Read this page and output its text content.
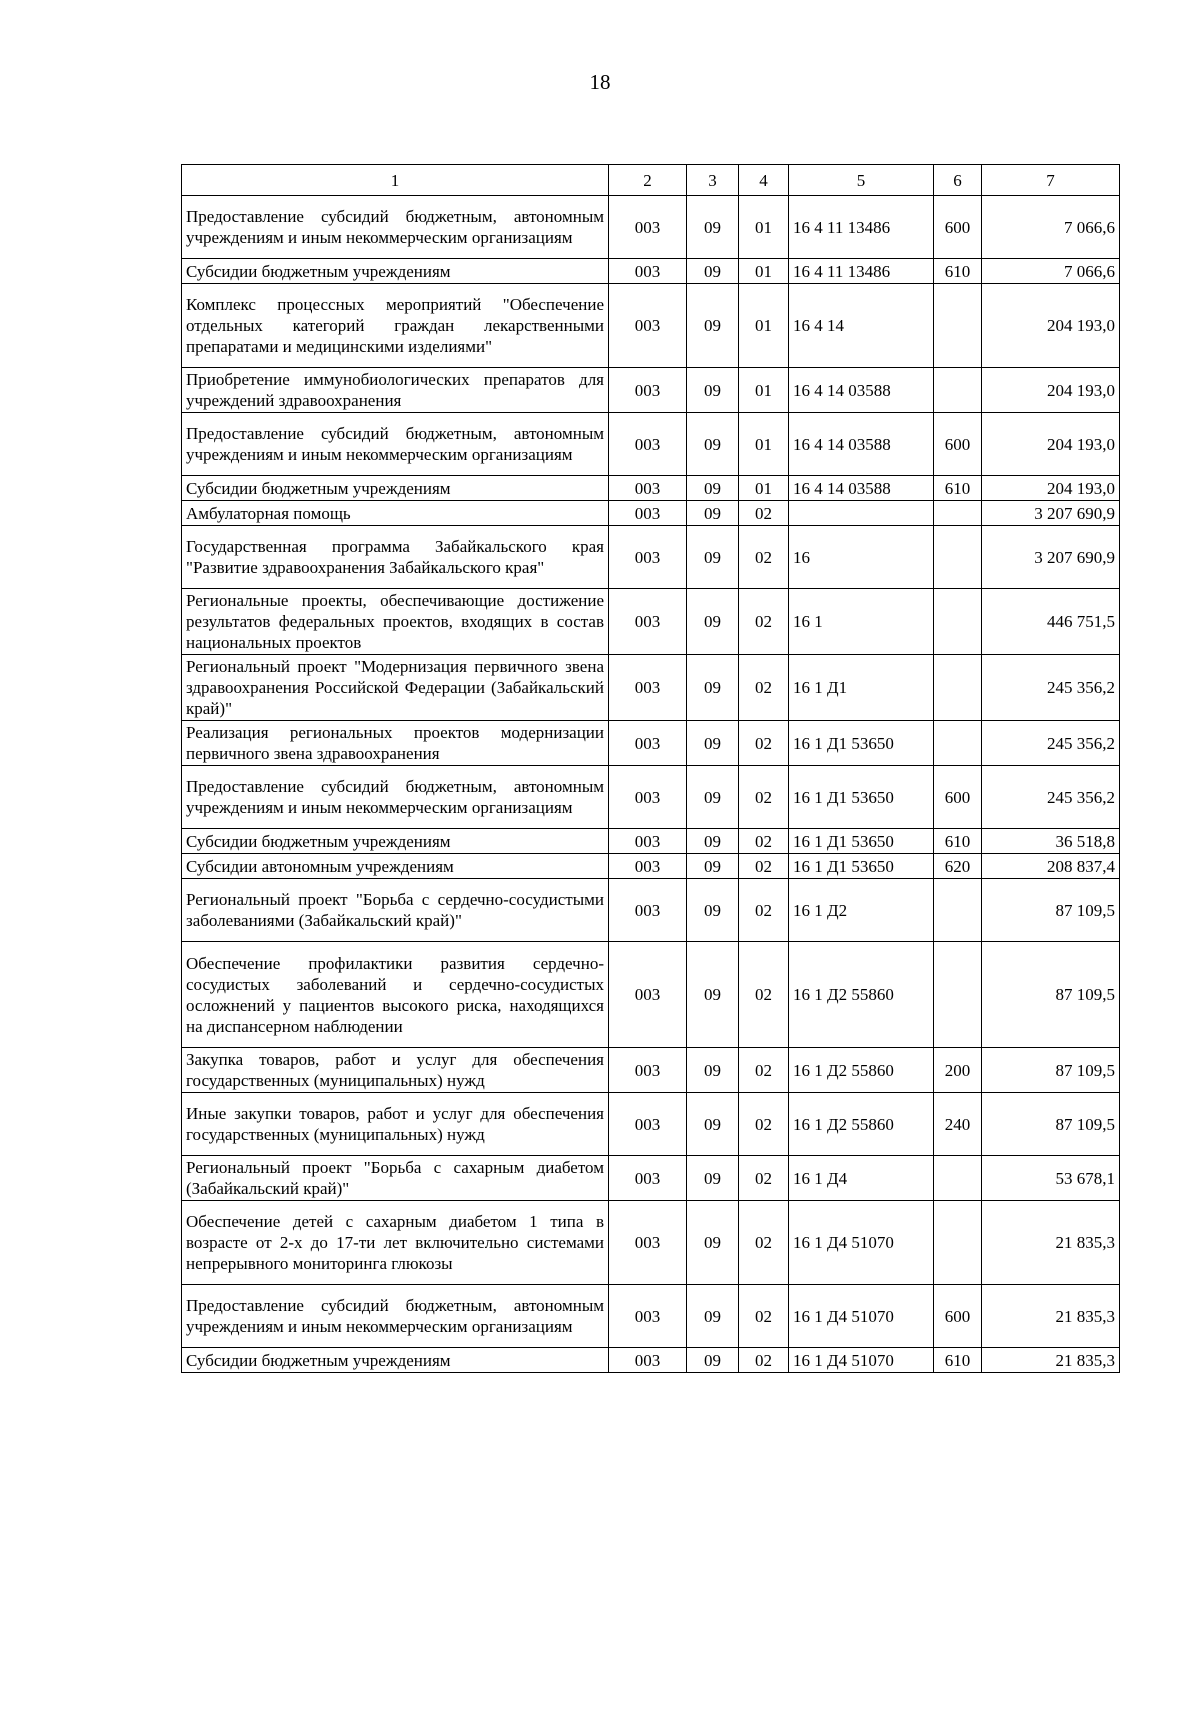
18
1	2	3	4	5	6	7
Предоставление субсидий бюджетным, автономным учреждениям и иным некоммерческим организациям	003	09	01	16 4 11 13486	600	7 066,6
Субсидии бюджетным учреждениям	003	09	01	16 4 11 13486	610	7 066,6
Комплекс процессных мероприятий "Обеспечение отдельных категорий граждан лекарственными препаратами и медицинскими изделиями"	003	09	01	16 4 14		204 193,0
Приобретение иммунобиологических препаратов для учреждений здравоохранения	003	09	01	16 4 14 03588		204 193,0
Предоставление субсидий бюджетным, автономным учреждениям и иным некоммерческим организациям	003	09	01	16 4 14 03588	600	204 193,0
Субсидии бюджетным учреждениям	003	09	01	16 4 14 03588	610	204 193,0
Амбулаторная помощь	003	09	02			3 207 690,9
Государственная программа Забайкальского края "Развитие здравоохранения Забайкальского края"	003	09	02	16		3 207 690,9
Региональные проекты, обеспечивающие достижение результатов федеральных проектов, входящих в состав национальных проектов	003	09	02	16 1		446 751,5
Региональный проект "Модернизация первичного звена здравоохранения Российской Федерации (Забайкальский край)"	003	09	02	16 1 Д1		245 356,2
Реализация региональных проектов модернизации первичного звена здравоохранения	003	09	02	16 1 Д1 53650		245 356,2
Предоставление субсидий бюджетным, автономным учреждениям и иным некоммерческим организациям	003	09	02	16 1 Д1 53650	600	245 356,2
Субсидии бюджетным учреждениям	003	09	02	16 1 Д1 53650	610	36 518,8
Субсидии автономным учреждениям	003	09	02	16 1 Д1 53650	620	208 837,4
Региональный проект "Борьба с сердечно-сосудистыми заболеваниями (Забайкальский край)"	003	09	02	16 1 Д2		87 109,5
Обеспечение профилактики развития сердечно-сосудистых заболеваний и сердечно-сосудистых осложнений у пациентов высокого риска, находящихся на диспансерном наблюдении	003	09	02	16 1 Д2 55860		87 109,5
Закупка товаров, работ и услуг для обеспечения государственных (муниципальных) нужд	003	09	02	16 1 Д2 55860	200	87 109,5
Иные закупки товаров, работ и услуг для обеспечения государственных (муниципальных) нужд	003	09	02	16 1 Д2 55860	240	87 109,5
Региональный проект "Борьба с сахарным диабетом (Забайкальский край)"	003	09	02	16 1 Д4		53 678,1
Обеспечение детей с сахарным диабетом 1 типа в возрасте от 2-х до 17-ти лет включительно системами непрерывного мониторинга глюкозы	003	09	02	16 1 Д4 51070		21 835,3
Предоставление субсидий бюджетным, автономным учреждениям и иным некоммерческим организациям	003	09	02	16 1 Д4 51070	600	21 835,3
Субсидии бюджетным учреждениям	003	09	02	16 1 Д4 51070	610	21 835,3
